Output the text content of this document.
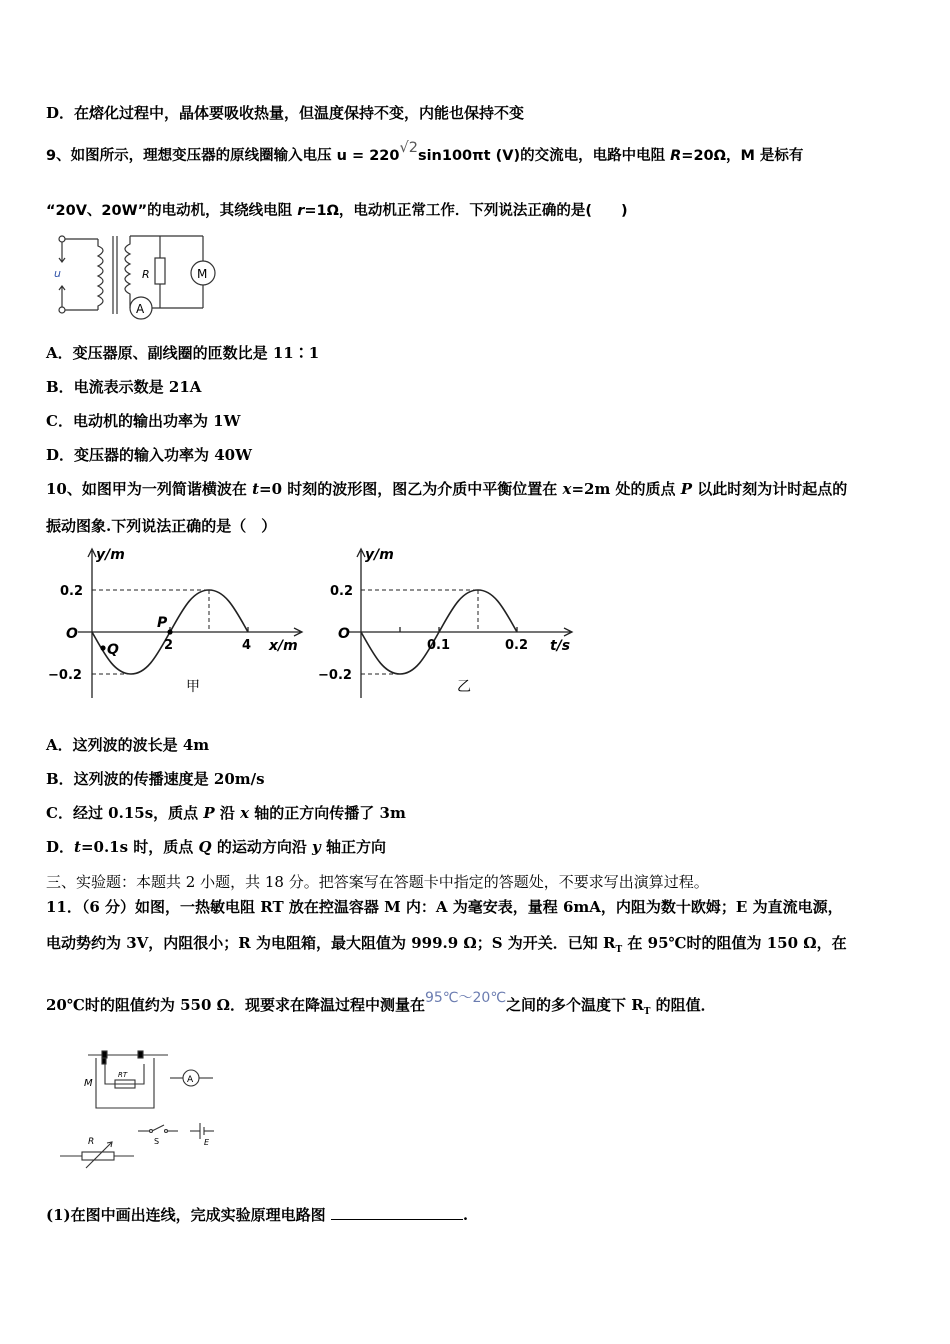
D．在熔化过程中，晶体要吸收热量，但温度保持不变，内能也保持不变
9、如图所示，理想变压器的原线圈输入电压 u = 220√2sin100πt (V)的交流电，电路中电阻 R=20Ω，M 是标有
“20V、20W”的电动机，其绕线电阻 r=1Ω，电动机正常工作．下列说法正确的是(　　)
u	R	M
A
A．变压器原、副线圈的匝数比是 11∶1
B．电流表示数是 21A
C．电动机的输出功率为 1W
D．变压器的输入功率为 40W
10、如图甲为一列简谐横波在 t=0 时刻的波形图，图乙为介质中平衡位置在 x=2m 处的质点 P 以此时刻为计时起点的
振动图象.下列说法正确的是（　）
y/m
x/m
O
0.2
−0.2
2	4
P
Q
甲
y/m
t/s
O
0.2
−0.2
0.1	0.2
乙
A．这列波的波长是 4m
B．这列波的传播速度是 20m/s
C．经过 0.15s，质点 P 沿 x 轴的正方向传播了 3m
D．t=0.1s 时，质点 Q 的运动方向沿 y 轴正方向
三、实验题：本题共 2 小题，共 18 分。把答案写在答题卡中指定的答题处，不要求写出演算过程。
11．（6 分）如图，一热敏电阻 RT 放在控温容器 M 内：A 为毫安表，量程 6mA，内阻为数十欧姆；E 为直流电源，
电动势约为 3V，内阻很小；R 为电阻箱，最大阻值为 999.9 Ω；S 为开关．已知 $R_T$ 在 95℃时的阻值为 150 Ω，在
20℃时的阻值约为 550 Ω．现要求在降温过程中测量在95℃～20℃之间的多个温度下 $R_T$ 的阻值．
M
RT	A
S	E
R
(1)在图中画出连线，完成实验原理电路图	.
